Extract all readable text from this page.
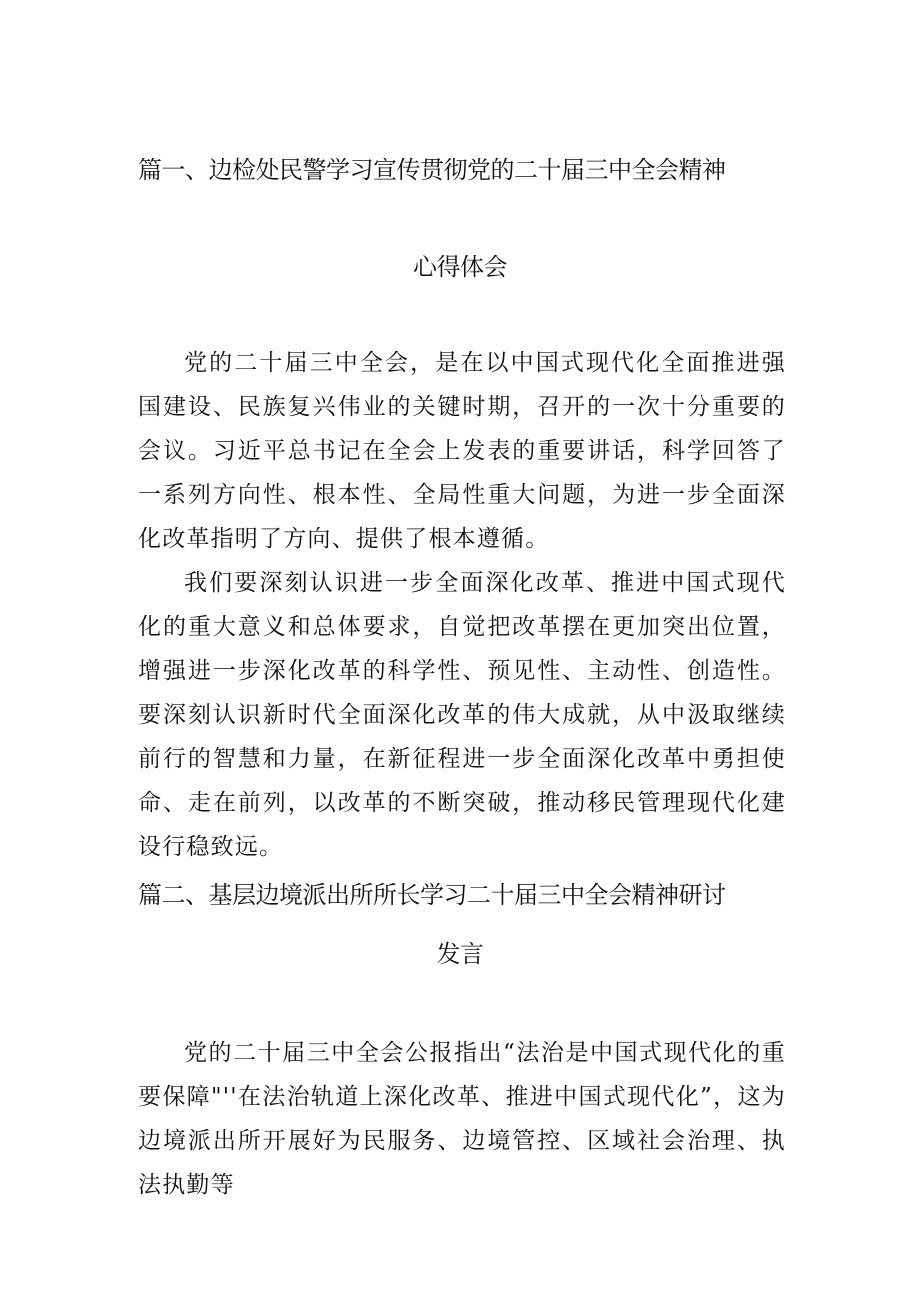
篇一、边检处民警学习宣传贯彻党的二十届三中全会精神
心得体会

党的二十届三中全会，是在以中国式现代化全面推进强国建设、民族复兴伟业的关键时期，召开的一次十分重要的会议。习近平总书记在全会上发表的重要讲话，科学回答了一系列方向性、根本性、全局性重大问题，为进一步全面深化改革指明了方向、提供了根本遵循。

我们要深刻认识进一步全面深化改革、推进中国式现代化的重大意义和总体要求，自觉把改革摆在更加突出位置，增强进一步深化改革的科学性、预见性、主动性、创造性。要深刻认识新时代全面深化改革的伟大成就，从中汲取继续前行的智慧和力量，在新征程进一步全面深化改革中勇担使命、走在前列，以改革的不断突破，推动移民管理现代化建设行稳致远。

篇二、基层边境派出所所长学习二十届三中全会精神研讨
发言

党的二十届三中全会公报指出“法治是中国式现代化的重要保障"''在法治轨道上深化改革、推进中国式现代化”，这为边境派出所开展好为民服务、边境管控、区域社会治理、执法执勤等
